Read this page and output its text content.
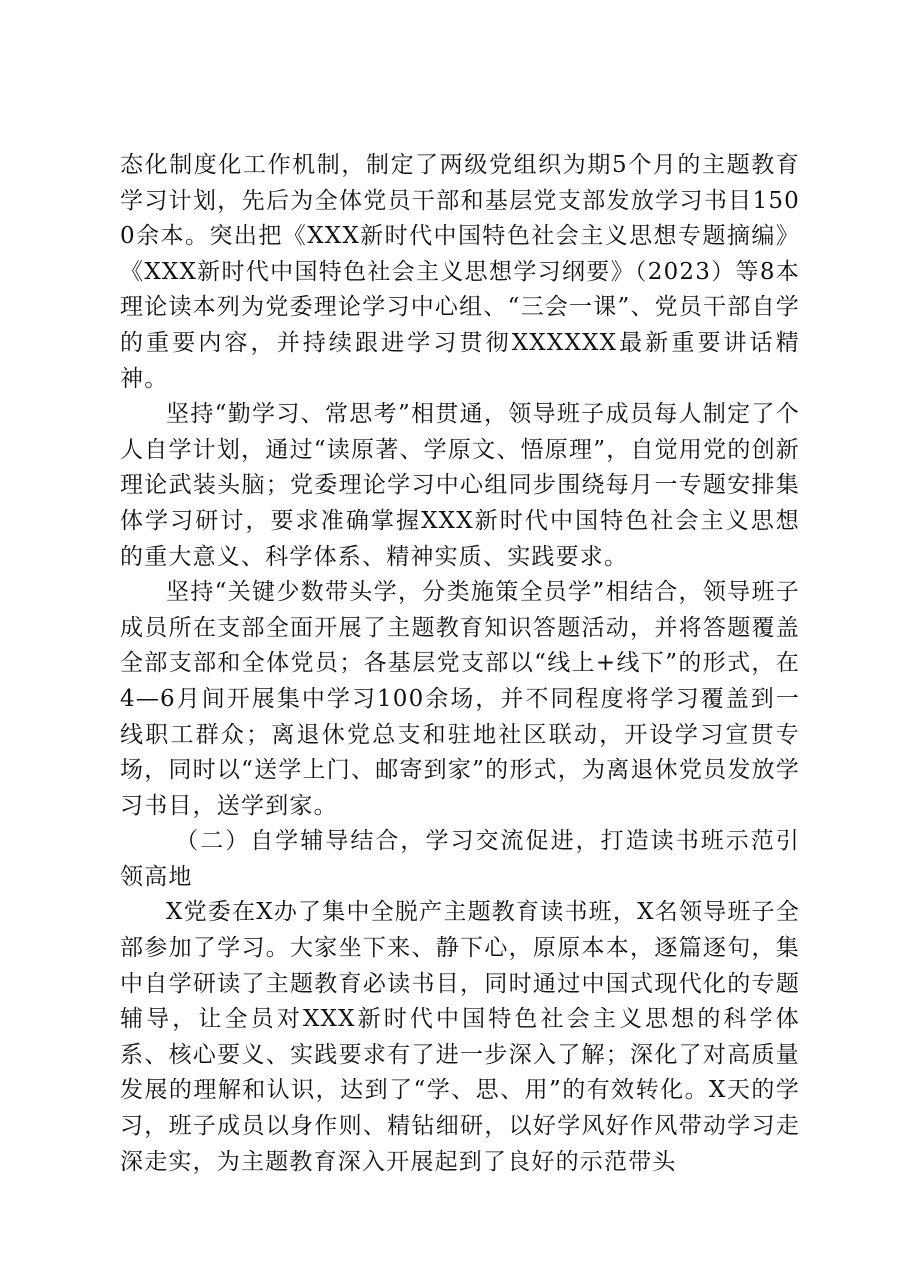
态化制度化工作机制，制定了两级党组织为期5个月的主题教育学习计划，先后为全体党员干部和基层党支部发放学习书目1500余本。突出把《XXX新时代中国特色社会主义思想专题摘编》《XXX新时代中国特色社会主义思想学习纲要》（2023）等8本理论读本列为党委理论学习中心组、“三会一课”、党员干部自学的重要内容，并持续跟进学习贯彻XXXXXX最新重要讲话精神。

坚持“勤学习、常思考”相贯通，领导班子成员每人制定了个人自学计划，通过“读原著、学原文、悟原理”，自觉用党的创新理论武装头脑；党委理论学习中心组同步围绕每月一专题安排集体学习研讨，要求准确掌握XXX新时代中国特色社会主义思想的重大意义、科学体系、精神实质、实践要求。

坚持“关键少数带头学，分类施策全员学”相结合，领导班子成员所在支部全面开展了主题教育知识答题活动，并将答题覆盖全部支部和全体党员；各基层党支部以“线上+线下”的形式，在4—6月间开展集中学习100余场，并不同程度将学习覆盖到一线职工群众；离退休党总支和驻地社区联动，开设学习宣贯专场，同时以“送学上门、邮寄到家”的形式，为离退休党员发放学习书目，送学到家。

（二）自学辅导结合，学习交流促进，打造读书班示范引领高地

X党委在X办了集中全脱产主题教育读书班，X名领导班子全部参加了学习。大家坐下来、静下心，原原本本，逐篇逐句，集中自学研读了主题教育必读书目，同时通过中国式现代化的专题辅导，让全员对XXX新时代中国特色社会主义思想的科学体系、核心要义、实践要求有了进一步深入了解；深化了对高质量发展的理解和认识，达到了“学、思、用”的有效转化。X天的学习，班子成员以身作则、精钻细研，以好学风好作风带动学习走深走实，为主题教育深入开展起到了良好的示范带头
